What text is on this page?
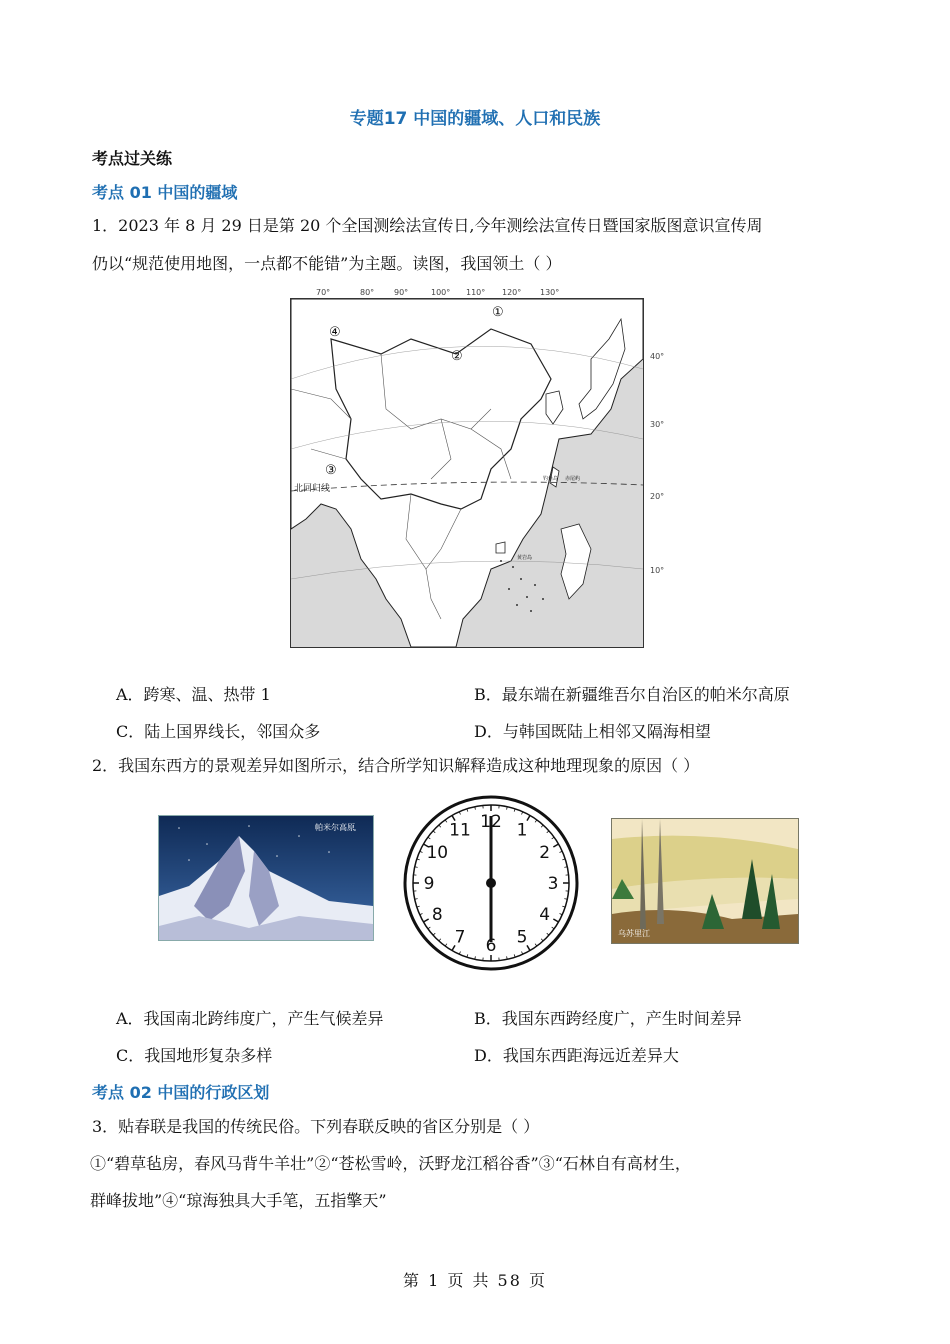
专题17 中国的疆域、人口和民族
考点过关练
考点 01 中国的疆域
1．2023 年 8 月 29 日是第 20 个全国测绘法宣传日,今年测绘法宣传日暨国家版图意识宣传周
仍以“规范使用地图，一点都不能错”为主题。读图，我国领土（ ）
70°	80° 90°	100° 110° 120° 130°
40°
30°
20°
10°
①
②
③
④
北回归线
钓鱼岛 赤尾屿
黄岩岛
A．跨寒、温、热带 1	B．最东端在新疆维吾尔自治区的帕米尔高原
C．陆上国界线长，邻国众多	D．与韩国既陆上相邻又隔海相望
2．我国东西方的景观差异如图所示，结合所学知识解释造成这种地理现象的原因（ ）
帕米尔高原	12 1
2
3
4
5
6
7
8
9
10
11
乌苏里江
A．我国南北跨纬度广，产生气候差异	B．我国东西跨经度广，产生时间差异
C．我国地形复杂多样	D．我国东西距海远近差异大
考点 02 中国的行政区划
3．贴春联是我国的传统民俗。下列春联反映的省区分别是（ ）
①“碧草毡房，春风马背牛羊壮”②“苍松雪岭，沃野龙江稻谷香”③“石林自有高材生，
群峰拔地”④“琼海独具大手笔，五指擎天”
第 1 页 共 58 页
